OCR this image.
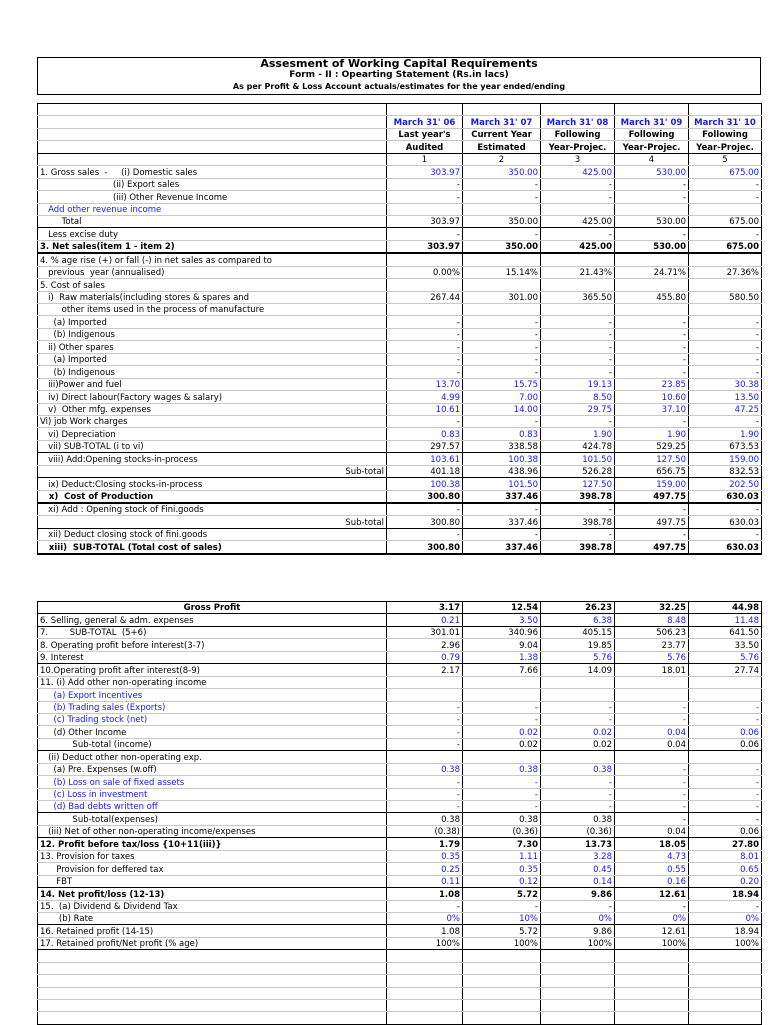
Assesment of Working Capital Requirements
Form - II : Opearting Statement (Rs.in lacs)
As per Profit & Loss Account actuals/estimates for the year ended/ending

	March 31' 06	March 31' 07	March 31' 08	March 31' 09	March 31' 10
	Last year's	Current Year	Following	Following	Following
	Audited	Estimated	Year-Projec.	Year-Projec.	Year-Projec.
	1	2	3	4	5
1. Gross sales  -     (i) Domestic sales	303.97	350.00	425.00	530.00	675.00
(ii) Export sales	-	-	-	-	-
(iii) Other Revenue Income	-	-	-	-	-
Add other revenue income					
Total	303.97	350.00	425.00	530.00	675.00
Less excise duty	-	-	-	-	-
3. Net sales(item 1 - item 2)	303.97	350.00	425.00	530.00	675.00
4. % age rise (+) or fall (-) in net sales as compared to					
previous  year (annualised)	0.00%	15.14%	21.43%	24.71%	27.36%
5. Cost of sales					
i)  Raw materials(including stores & spares and	267.44	301.00	365.50	455.80	580.50
other items used in the process of manufacture					
(a) Imported	-	-	-	-	-
(b) Indigenous	-	-	-	-	-
ii) Other spares	-	-	-	-	-
(a) Imported	-	-	-	-	-
(b) Indigenous	-	-	-	-	-
iii)Power and fuel	13.70	15.75	19.13	23.85	30.38
iv) Direct labour(Factory wages & salary)	4.99	7.00	8.50	10.60	13.50
v)  Other mfg. expenses	10.61	14.00	29.75	37.10	47.25
Vi) job Work charges	-	-	-	-	-
vi) Depreciation	0.83	0.83	1.90	1.90	1.90
vii) SUB-TOTAL (i to vi)	297.57	338.58	424.78	529.25	673.53
viii) Add:Opening stocks-in-process	103.61	100.38	101.50	127.50	159.00
Sub-total	401.18	438.96	526.28	656.75	832.53
ix) Deduct:Closing stocks-in-process	100.38	101.50	127.50	159.00	202.50
x)  Cost of Production	300.80	337.46	398.78	497.75	630.03
xi) Add : Opening stock of Fini.goods	-	-	-	-	-
Sub-total	300.80	337.46	398.78	497.75	630.03
xii) Deduct closing stock of fini.goods	-	-	-	-	-
xiii)  SUB-TOTAL (Total cost of sales)	300.80	337.46	398.78	497.75	630.03
Gross Profit	3.17	12.54	26.23	32.25	44.98
6. Selling, general & adm. expenses	0.21	3.50	6.38	8.48	11.48
7.        SUB-TOTAL  (5+6)	301.01	340.96	405.15	506.23	641.50
8. Operating profit before interest(3-7)	2.96	9.04	19.85	23.77	33.50
9. Interest	0.79	1.38	5.76	5.76	5.76
10.Operating profit after interest(8-9)	2.17	7.66	14.09	18.01	27.74
11. (i) Add other non-operating income					
(a) Export Incentives					
(b) Trading sales (Exports)	-	-	-	-	-
(c) Trading stock (net)	-	-	-	-	-
(d) Other Income	-	0.02	0.02	0.04	0.06
Sub-total (income)	-	0.02	0.02	0.04	0.06
(ii) Deduct other non-operating exp.					
(a) Pre. Expenses (w.off)	0.38	0.38	0.38	-	-
(b) Loss on sale of fixed assets	-	-	-	-	-
(c) Loss in investment	-	-	-	-	-
(d) Bad debts written off	-	-	-	-	-
Sub-total(expenses)	0.38	0.38	0.38	-	-
(iii) Net of other non-operating income/expenses	(0.38)	(0.36)	(0.36)	0.04	0.06
12. Profit before tax/loss {10+11(iii)}	1.79	7.30	13.73	18.05	27.80
13. Provision for taxes	0.35	1.11	3.28	4.73	8.01
Provision for deffered tax	0.25	0.35	0.45	0.55	0.65
FBT	0.11	0.12	0.14	0.16	0.20
14. Net profit/loss (12-13)	1.08	5.72	9.86	12.61	18.94
15.  (a) Dividend & Dividend Tax	-	-	-	-	-
(b) Rate	0%	10%	0%	0%	0%
16. Retained profit (14-15)	1.08	5.72	9.86	12.61	18.94
17. Retained profit/Net profit (% age)	100%	100%	100%	100%	100%
